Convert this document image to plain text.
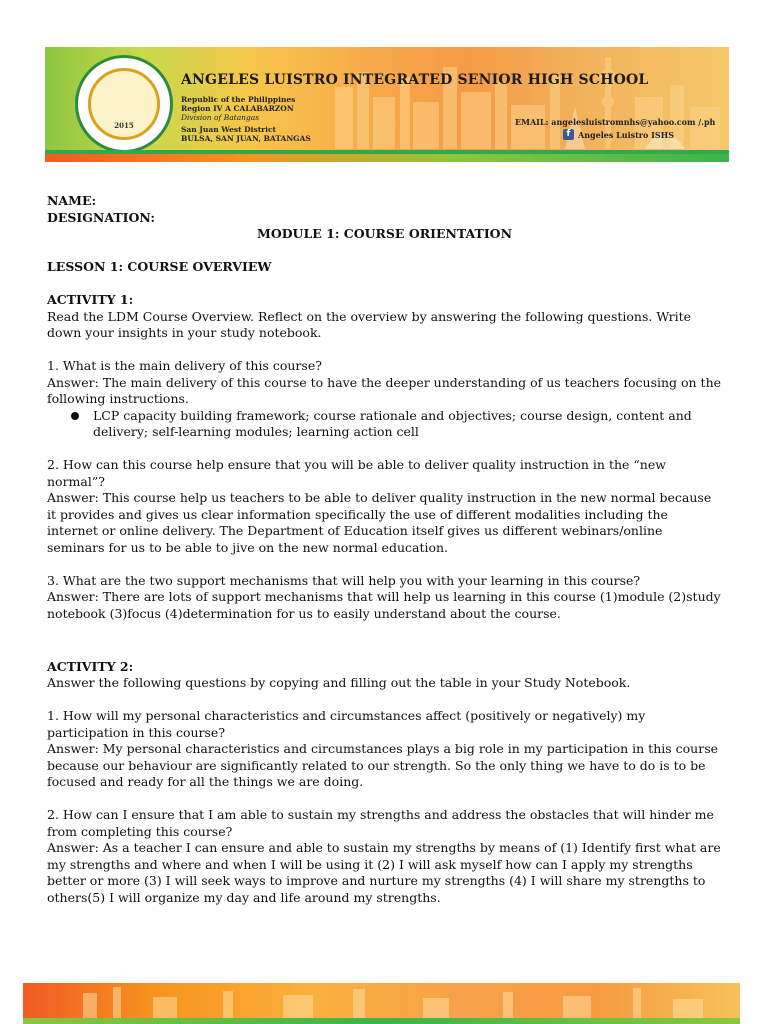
2015
ANGELES LUISTRO INTEGRATED SENIOR HIGH SCHOOL
Republic of the Philippines
Region IV A CALABARZON
Division of Batangas
San Juan West District
BULSA, SAN JUAN, BATANGAS
EMAIL: angelesluistromnhs@yahoo.com /.ph
f Angeles Luistro ISHS

NAME:

DESIGNATION:

MODULE 1: COURSE ORIENTATION

LESSON 1: COURSE OVERVIEW

ACTIVITY 1:

Read the LDM Course Overview. Reflect on the overview by answering the following questions. Write down your insights in your study notebook.

1. What is the main delivery of this course?

Answer: The main delivery of this course to have the deeper understanding of us teachers focusing on the following instructions.

LCP capacity building framework; course rationale and objectives; course design, content and delivery; self-learning modules; learning action cell

2. How can this course help ensure that you will be able to deliver quality instruction in the “new normal”?

Answer: This course help us teachers to be able to deliver quality instruction in the new normal because it provides and gives us clear information specifically the use of different modalities including the internet or online delivery. The Department of Education itself gives us different webinars/online seminars for us to be able to jive on the new normal education.

3. What are the two support mechanisms that will help you with your learning in this course?

Answer: There are lots of support mechanisms that will help us learning in this course (1)module (2)study notebook (3)focus (4)determination for us to easily understand about the course.

ACTIVITY 2:

Answer the following questions by copying and filling out the table in your Study Notebook.

1. How will my personal characteristics and circumstances affect (positively or negatively) my participation in this course?

Answer: My personal characteristics and circumstances plays a big role in my participation in this course because our behaviour are significantly related to our strength. So the only thing we have to do is to be focused and ready for all the things we are doing.

2. How can I ensure that I am able to sustain my strengths and address the obstacles that will hinder me from completing this course?

Answer: As a teacher I can ensure and able to sustain my strengths by means of (1) Identify first what are my strengths and where and when I will be using it (2) I will ask myself how can I apply my strengths better or more (3) I will seek ways to improve and nurture my strengths (4) I will share my strengths to others(5) I will organize my day and life around my strengths.
